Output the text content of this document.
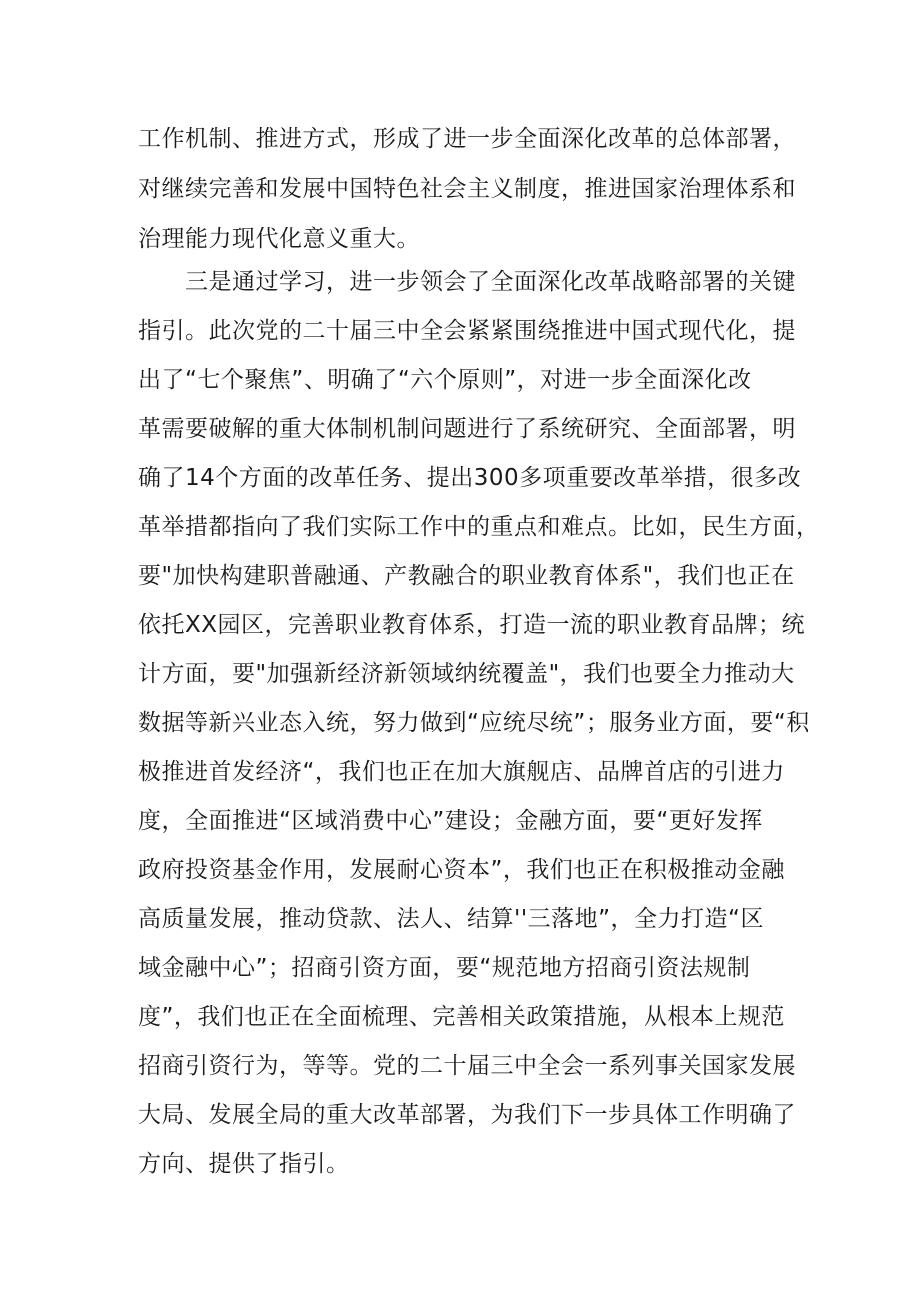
工作机制、推进方式，形成了进一步全面深化改革的总体部署，
对继续完善和发展中国特色社会主义制度，推进国家治理体系和
治理能力现代化意义重大。
三是通过学习，进一步领会了全面深化改革战略部署的关键
指引。此次党的二十届三中全会紧紧围绕推进中国式现代化，提
出了“七个聚焦”、明确了“六个原则”，对进一步全面深化改
革需要破解的重大体制机制问题进行了系统研究、全面部署，明
确了14个方面的改革任务、提出300多项重要改革举措，很多改
革举措都指向了我们实际工作中的重点和难点。比如，民生方面，
要"加快构建职普融通、产教融合的职业教育体系"，我们也正在
依托XX园区，完善职业教育体系，打造一流的职业教育品牌；统
计方面，要"加强新经济新领域纳统覆盖"，我们也要全力推动大
数据等新兴业态入统，努力做到“应统尽统”；服务业方面，要“积
极推进首发经济“，我们也正在加大旗舰店、品牌首店的引进力
度，全面推进“区域消费中心”建设；金融方面，要“更好发挥
政府投资基金作用，发展耐心资本”，我们也正在积极推动金融
高质量发展，推动贷款、法人、结算''三落地”，全力打造“区
域金融中心”；招商引资方面，要“规范地方招商引资法规制
度”，我们也正在全面梳理、完善相关政策措施，从根本上规范
招商引资行为，等等。党的二十届三中全会一系列事关国家发展
大局、发展全局的重大改革部署，为我们下一步具体工作明确了
方向、提供了指引。
